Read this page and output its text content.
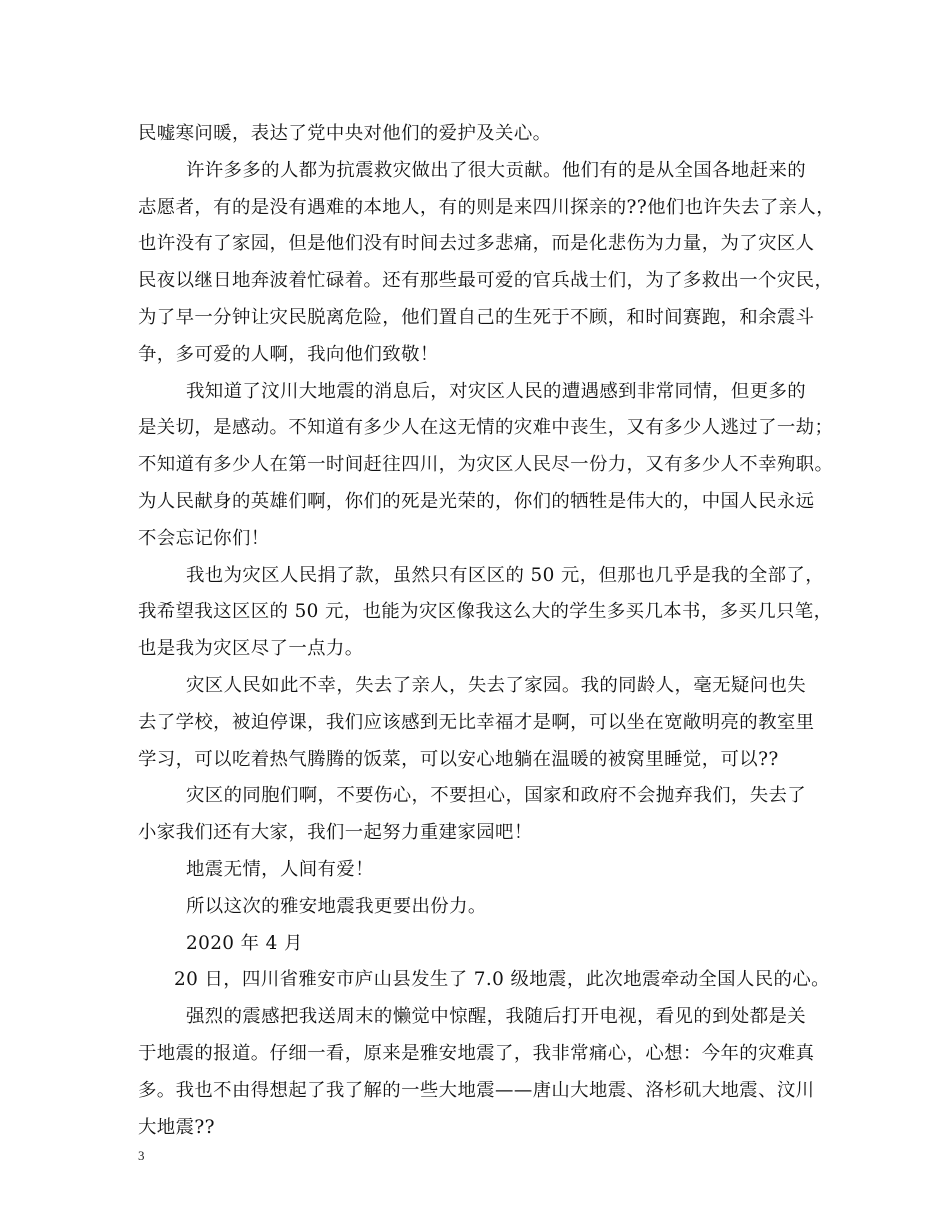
民嘘寒问暖，表达了党中央对他们的爱护及关心。
许许多多的人都为抗震救灾做出了很大贡献。他们有的是从全国各地赶来的
志愿者，有的是没有遇难的本地人，有的则是来四川探亲的??他们也许失去了亲人，
也许没有了家园，但是他们没有时间去过多悲痛，而是化悲伤为力量，为了灾区人
民夜以继日地奔波着忙碌着。还有那些最可爱的官兵战士们，为了多救出一个灾民，
为了早一分钟让灾民脱离危险，他们置自己的生死于不顾，和时间赛跑，和余震斗
争，多可爱的人啊，我向他们致敬！
我知道了汶川大地震的消息后，对灾区人民的遭遇感到非常同情，但更多的
是关切，是感动。不知道有多少人在这无情的灾难中丧生，又有多少人逃过了一劫；
不知道有多少人在第一时间赶往四川，为灾区人民尽一份力，又有多少人不幸殉职。
为人民献身的英雄们啊，你们的死是光荣的，你们的牺牲是伟大的，中国人民永远
不会忘记你们！
我也为灾区人民捐了款，虽然只有区区的 50 元，但那也几乎是我的全部了，
我希望我这区区的 50 元，也能为灾区像我这么大的学生多买几本书，多买几只笔，
也是我为灾区尽了一点力。
灾区人民如此不幸，失去了亲人，失去了家园。我的同龄人，毫无疑问也失
去了学校，被迫停课，我们应该感到无比幸福才是啊，可以坐在宽敞明亮的教室里
学习，可以吃着热气腾腾的饭菜，可以安心地躺在温暖的被窝里睡觉，可以??
灾区的同胞们啊，不要伤心，不要担心，国家和政府不会抛弃我们，失去了
小家我们还有大家，我们一起努力重建家园吧！
地震无情，人间有爱！
所以这次的雅安地震我更要出份力。
2020 年 4 月
20 日，四川省雅安市庐山县发生了 7.0 级地震，此次地震牵动全国人民的心。
强烈的震感把我送周末的懒觉中惊醒，我随后打开电视，看见的到处都是关
于地震的报道。仔细一看，原来是雅安地震了，我非常痛心，心想：今年的灾难真
多。我也不由得想起了我了解的一些大地震——唐山大地震、洛杉矶大地震、汶川
大地震??
3
